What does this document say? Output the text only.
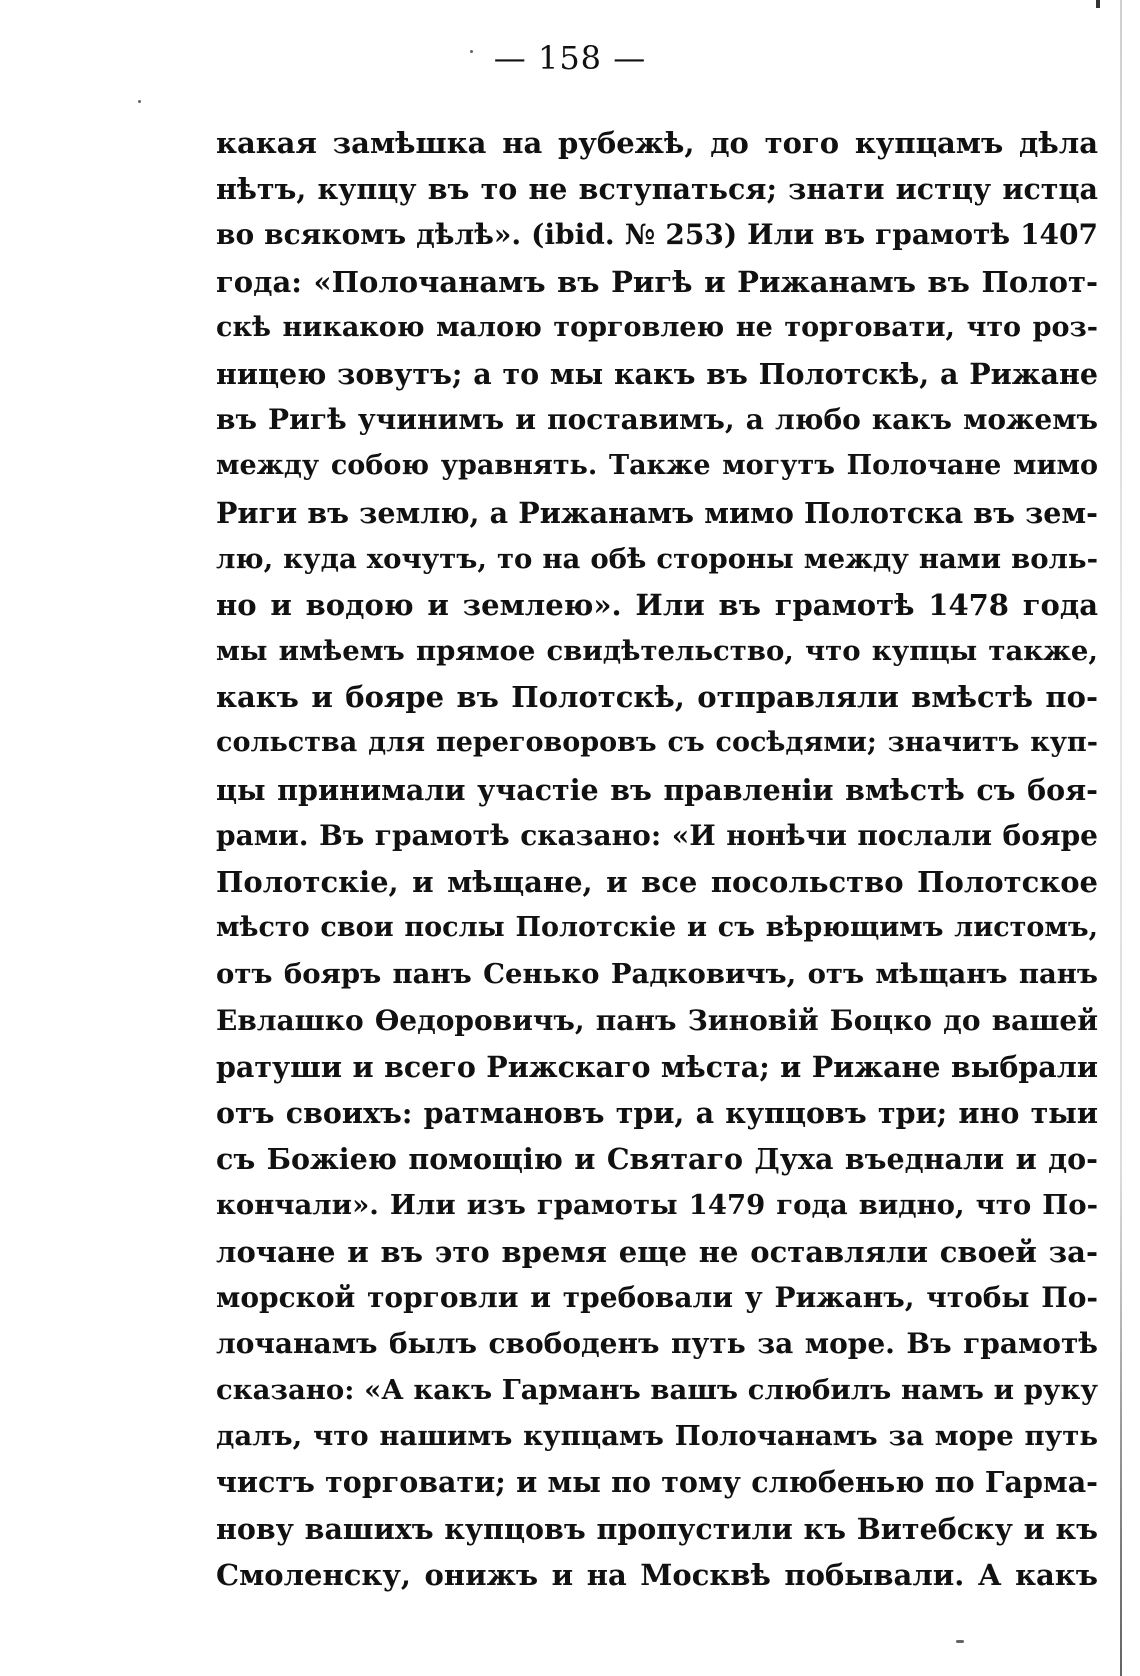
— 158 —
какая замѣшка на рубежѣ, до того купцамъ дѣла
нѣтъ, купцу въ то не вступаться; знати истцу истца
во всякомъ дѣлѣ». (ibid. № 253) Или въ грамотѣ 1407
года: «Полочанамъ въ Ригѣ и Рижанамъ въ Полот-
скѣ никакою малою торговлею не торговати, что роз-
ницею зовутъ; а то мы какъ въ Полотскѣ, а Рижане
въ Ригѣ учинимъ и поставимъ, а любо какъ можемъ
между собою уравнять. Также могутъ Полочане мимо
Риги въ землю, а Рижанамъ мимо Полотска въ зем-
лю, куда хочутъ, то на обѣ стороны между нами воль-
но и водою и землею». Или въ грамотѣ 1478 года
мы имѣемъ прямое свидѣтельство, что купцы также,
какъ и бояре въ Полотскѣ, отправляли вмѣстѣ по-
сольства для переговоровъ съ сосѣдями; значитъ куп-
цы принимали участіе въ правленіи вмѣстѣ съ боя-
рами. Въ грамотѣ сказано: «И нонѣчи послали бояре
Полотскіе, и мѣщане, и все посольство Полотское
мѣсто свои послы Полотскіе и съ вѣрющимъ листомъ,
отъ бояръ панъ Сенько Радковичъ, отъ мѣщанъ панъ
Евлашко Өедоровичъ, панъ Зиновій Боцко до вашей
ратуши и всего Рижскаго мѣста; и Рижане выбрали
отъ своихъ: ратмановъ три, а купцовъ три; ино тыи
съ Божіею помощію и Святаго Духа въеднали и до-
кончали». Или изъ грамоты 1479 года видно, что По-
лочане и въ это время еще не оставляли своей за-
морской торговли и требовали у Рижанъ, чтобы По-
лочанамъ былъ свободенъ путь за море. Въ грамотѣ
сказано: «А какъ Гарманъ вашъ слюбилъ намъ и руку
далъ, что нашимъ купцамъ Полочанамъ за море путь
чистъ торговати; и мы по тому слюбенью по Гарма-
нову вашихъ купцовъ пропустили къ Витебску и къ
Смоленску, онижъ и на Москвѣ побывали. А какъ
